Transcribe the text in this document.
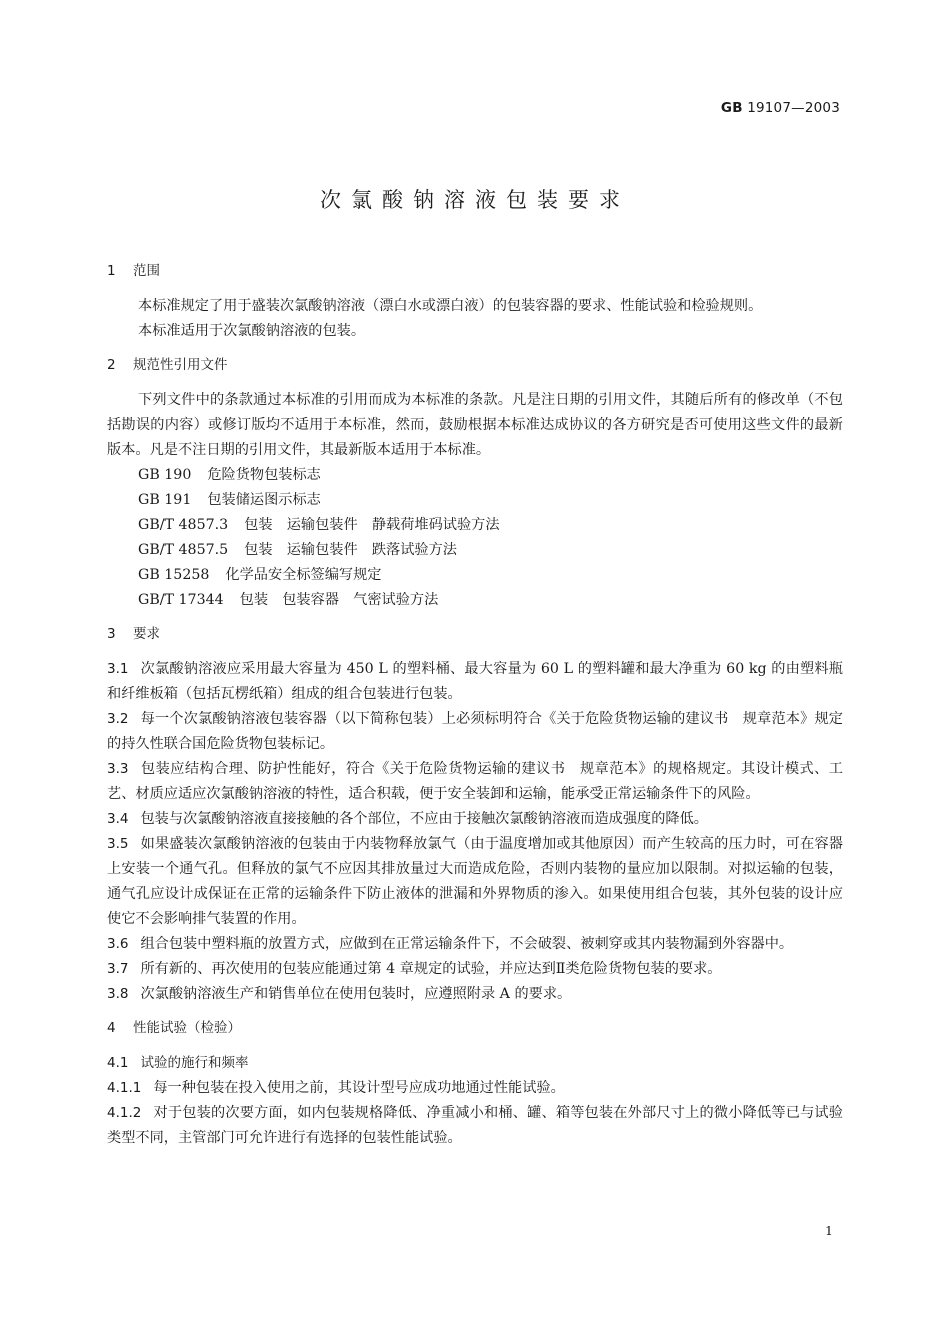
GB 19107—2003
次氯酸钠溶液包装要求
1 范围

本标准规定了用于盛装次氯酸钠溶液（漂白水或漂白液）的包装容器的要求、性能试验和检验规则。

本标准适用于次氯酸钠溶液的包装。

2 规范性引用文件

下列文件中的条款通过本标准的引用而成为本标准的条款。凡是注日期的引用文件，其随后所有的修改单（不包括勘误的内容）或修订版均不适用于本标准，然而，鼓励根据本标准达成协议的各方研究是否可使用这些文件的最新版本。凡是不注日期的引用文件，其最新版本适用于本标准。

GB 190 危险货物包装标志
GB 191 包装储运图示标志
GB/T 4857.3 包装　运输包装件　静载荷堆码试验方法
GB/T 4857.5 包装　运输包装件　跌落试验方法
GB 15258 化学品安全标签编写规定
GB/T 17344 包装　包装容器　气密试验方法
3 要求

3.1 次氯酸钠溶液应采用最大容量为 450 L 的塑料桶、最大容量为 60 L 的塑料罐和最大净重为 60 kg 的由塑料瓶和纤维板箱（包括瓦楞纸箱）组成的组合包装进行包装。

3.2 每一个次氯酸钠溶液包装容器（以下简称包装）上必须标明符合《关于危险货物运输的建议书　规章范本》规定的持久性联合国危险货物包装标记。

3.3 包装应结构合理、防护性能好，符合《关于危险货物运输的建议书　规章范本》的规格规定。其设计模式、工艺、材质应适应次氯酸钠溶液的特性，适合积载，便于安全装卸和运输，能承受正常运输条件下的风险。

3.4 包装与次氯酸钠溶液直接接触的各个部位，不应由于接触次氯酸钠溶液而造成强度的降低。

3.5 如果盛装次氯酸钠溶液的包装由于内装物释放氯气（由于温度增加或其他原因）而产生较高的压力时，可在容器上安装一个通气孔。但释放的氯气不应因其排放量过大而造成危险，否则内装物的量应加以限制。对拟运输的包装，通气孔应设计成保证在正常的运输条件下防止液体的泄漏和外界物质的渗入。如果使用组合包装，其外包装的设计应使它不会影响排气装置的作用。

3.6 组合包装中塑料瓶的放置方式，应做到在正常运输条件下，不会破裂、被刺穿或其内装物漏到外容器中。

3.7 所有新的、再次使用的包装应能通过第 4 章规定的试验，并应达到Ⅱ类危险货物包装的要求。

3.8 次氯酸钠溶液生产和销售单位在使用包装时，应遵照附录 A 的要求。

4 性能试验（检验）

4.1 试验的施行和频率

4.1.1 每一种包装在投入使用之前，其设计型号应成功地通过性能试验。

4.1.2 对于包装的次要方面，如内包装规格降低、净重减小和桶、罐、箱等包装在外部尺寸上的微小降低等已与试验类型不同，主管部门可允许进行有选择的包装性能试验。

1
